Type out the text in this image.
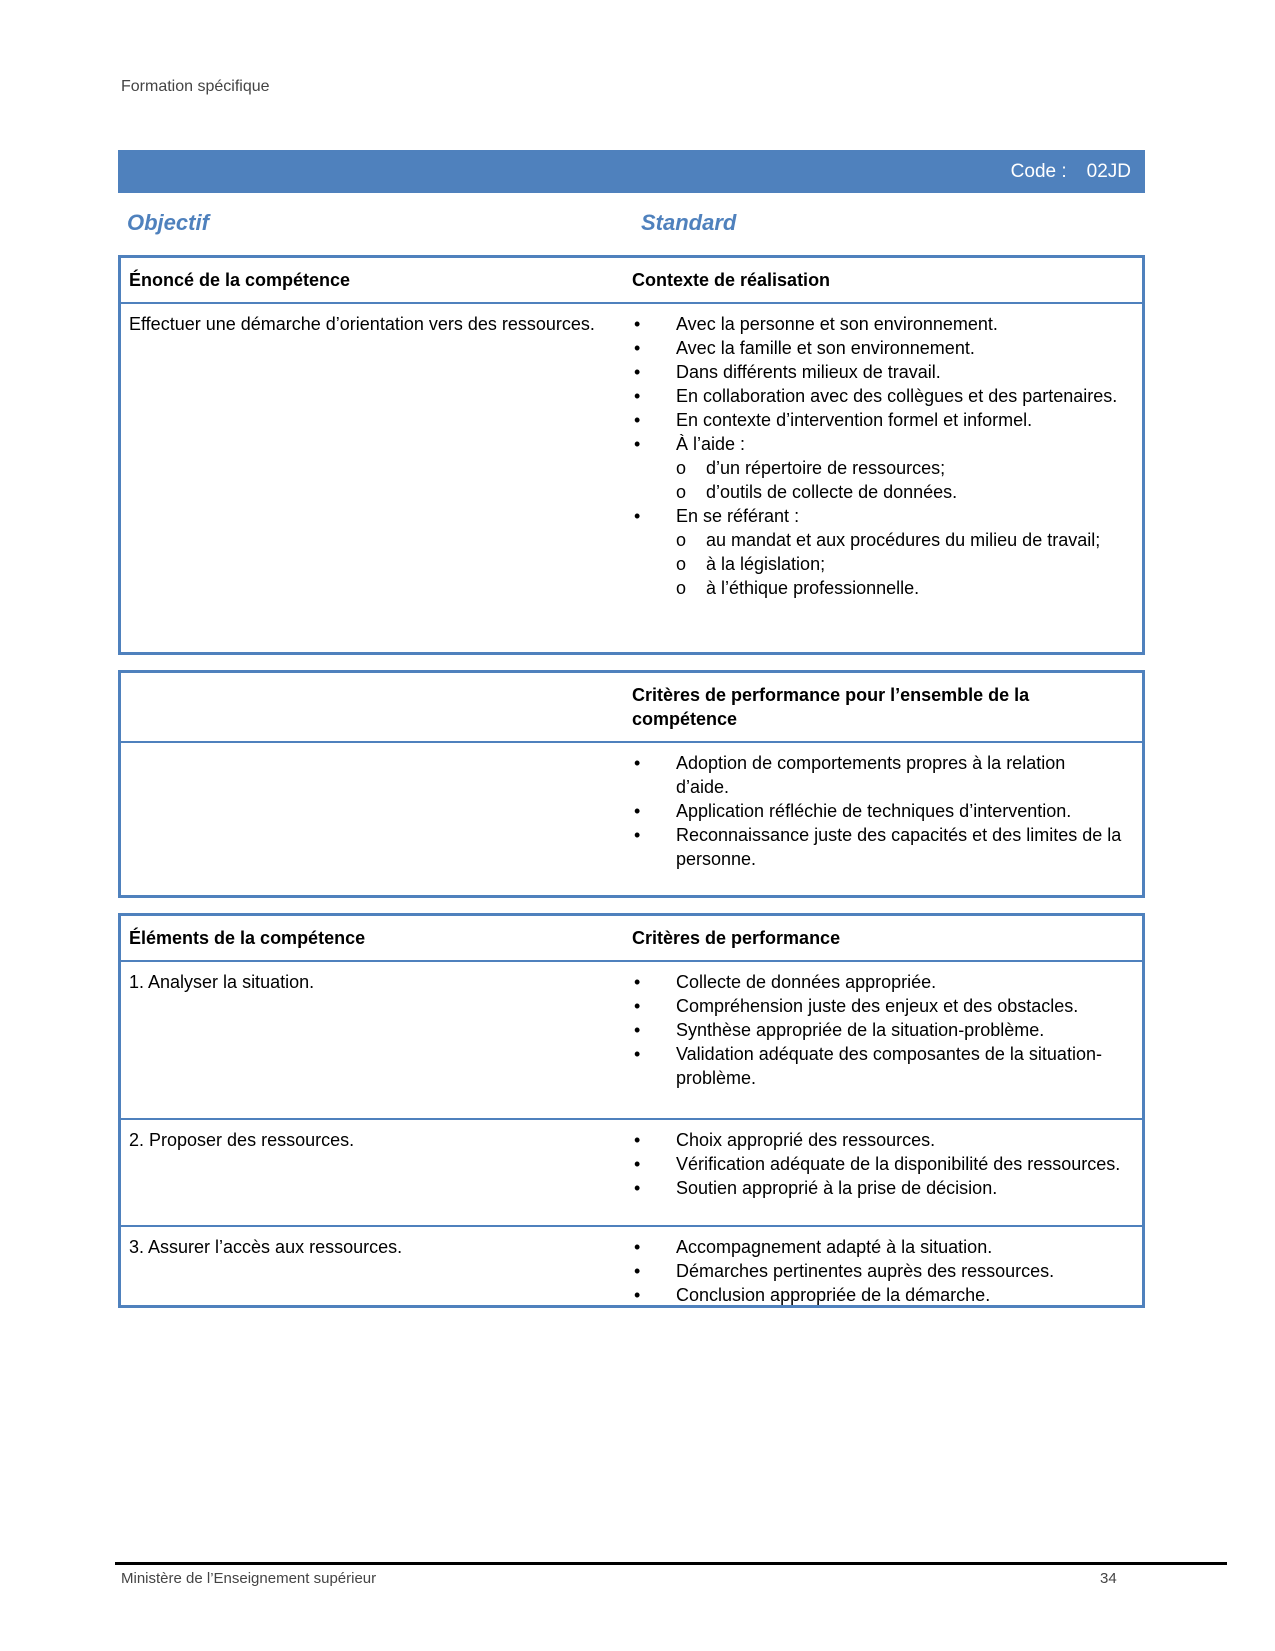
Formation spécifique
Code : 02JD
Objectif	Standard
Énoncé de la compétence	Contexte de réalisation
Effectuer une démarche d’orientation vers des ressources.	• Avec la personne et son environnement.
• Avec la famille et son environnement.
• Dans différents milieux de travail.
• En collaboration avec des collègues et des partenaires.
• En contexte d’intervention formel et informel.
• À l’aide :
o d’un répertoire de ressources;
o d’outils de collecte de données.
• En se référant :
o au mandat et aux procédures du milieu de travail;
o à la législation;
o à l’éthique professionnelle.
Critères de performance pour l’ensemble de la compétence
• Adoption de comportements propres à la relation d’aide.
• Application réfléchie de techniques d’intervention.
• Reconnaissance juste des capacités et des limites de la personne.
Éléments de la compétence	Critères de performance
1. Analyser la situation.	• Collecte de données appropriée.
• Compréhension juste des enjeux et des obstacles.
• Synthèse appropriée de la situation-problème.
• Validation adéquate des composantes de la situation-problème.
2. Proposer des ressources.	• Choix approprié des ressources.
• Vérification adéquate de la disponibilité des ressources.
• Soutien approprié à la prise de décision.
3. Assurer l’accès aux ressources.	• Accompagnement adapté à la situation.
• Démarches pertinentes auprès des ressources.
• Conclusion appropriée de la démarche.
Ministère de l’Enseignement supérieur	34
